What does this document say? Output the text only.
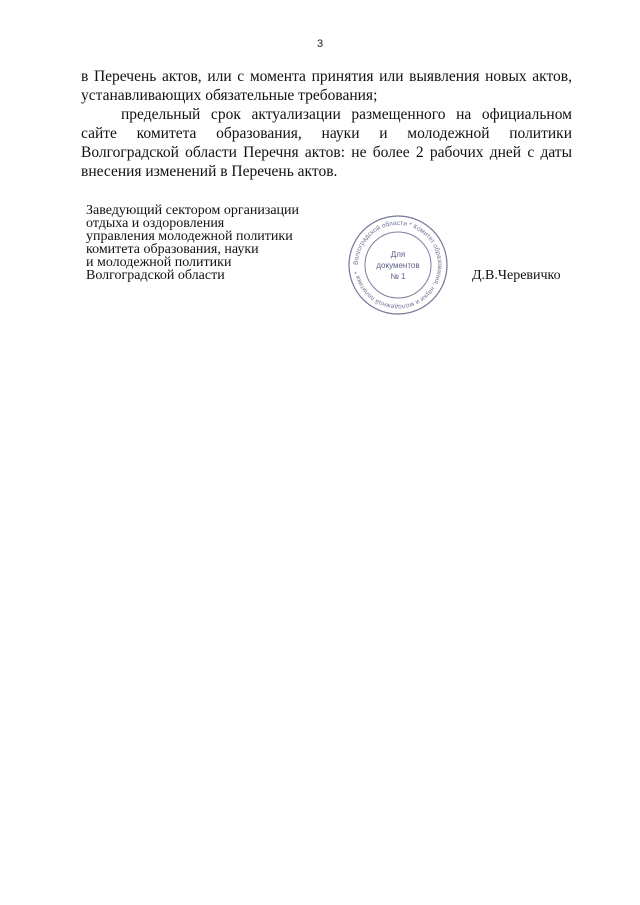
3

в Перечень актов, или с момента принятия или выявления новых актов, устанавливающих обязательные требования;

предельный срок актуализации размещенного на официальном сайте комитета образования, науки и молодежной политики Волгоградской области Перечня актов: не более 2 рабочих дней с даты внесения изменений в Перечень актов.

Заведующий сектором организации
отдыха и оздоровления
управления молодежной политики
комитета образования, науки
и молодежной политики
Волгоградской области
Волгоградской области * Комитет образования, науки и молодежной политики *
Для
документов
№ 1	Д.В.Черевичко
